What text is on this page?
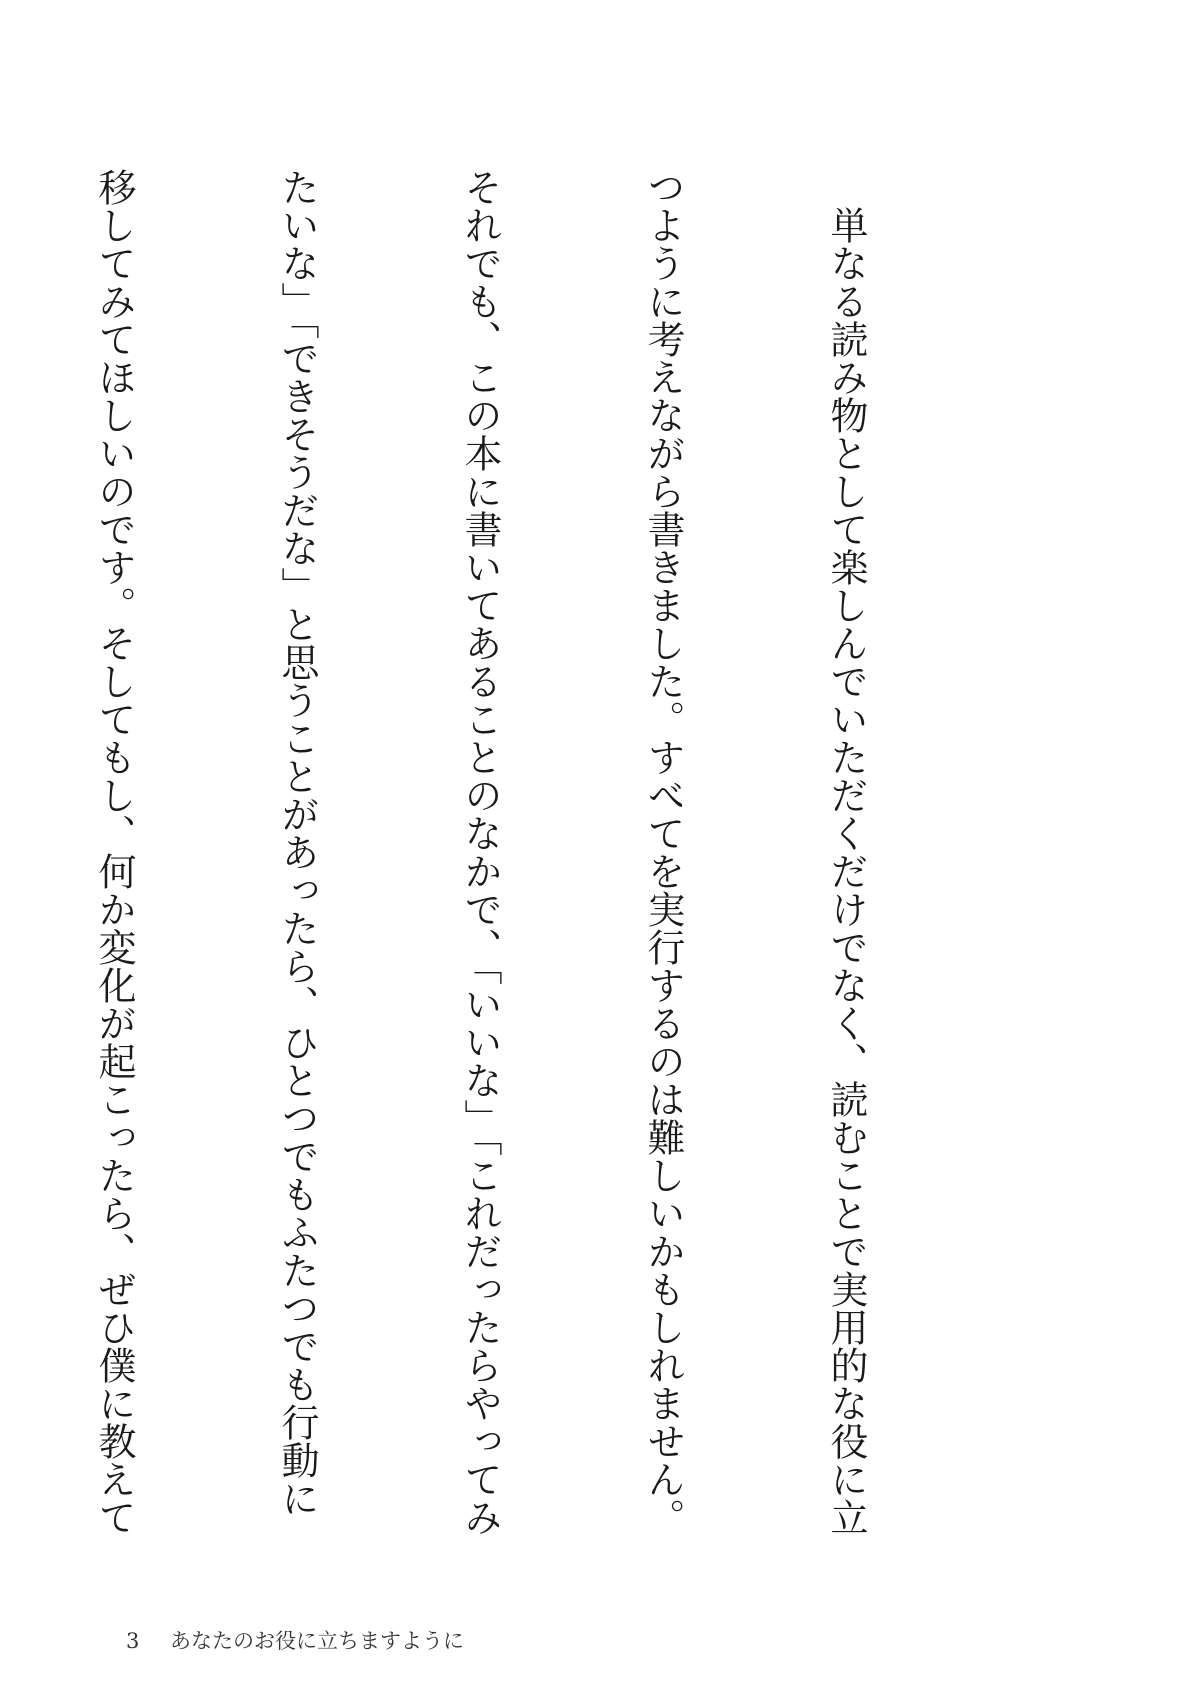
　単なる読み物として楽しんでいただくだけでなく、読むことで実用的な役に立

つように考えながら書きました。すべてを実行するのは難しいかもしれません。

それでも、この本に書いてあることのなかで、「いいな」「これだったらやってみ

たいな」「できそうだな」と思うことがあったら、ひとつでもふたつでも行動に

移してみてほしいのです。そしてもし、何か変化が起こったら、ぜひ僕に教えて

3 あなたのお役に立ちますように
